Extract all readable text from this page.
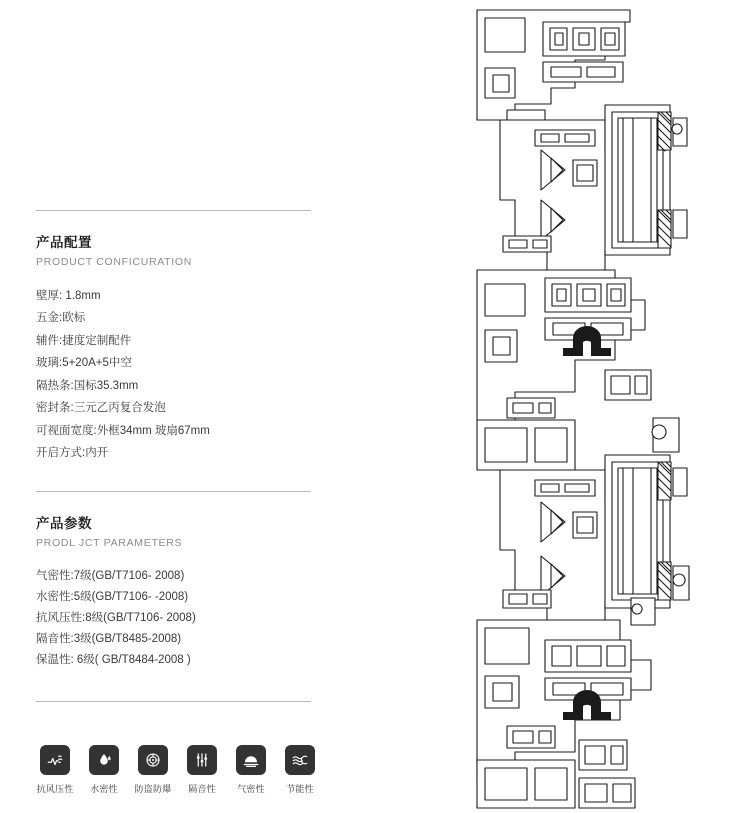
产品配置
PRODUCT CONFICURATION
壁厚: 1.8mm
五金:欧标
辅件:捷度定制配件
玻璃:5+20A+5中空
隔热条:国标35.3mm
密封条:三元乙丙复合发泡
可视面宽度:外框34mm 玻扇67mm
开启方式:内开
产品参数
PRODL JCT PARAMETERS
气密性:7级(GB/T7106- 2008)
水密性:5级(GB/T7106- -2008)
抗风压性:8级(GB/T7106- 2008)
隔音性:3级(GB/T8485-2008)
保温性: 6级( GB/T8484-2008 )
抗风压性 水密性 防盗防爆 隔音性 气密性 节能性
